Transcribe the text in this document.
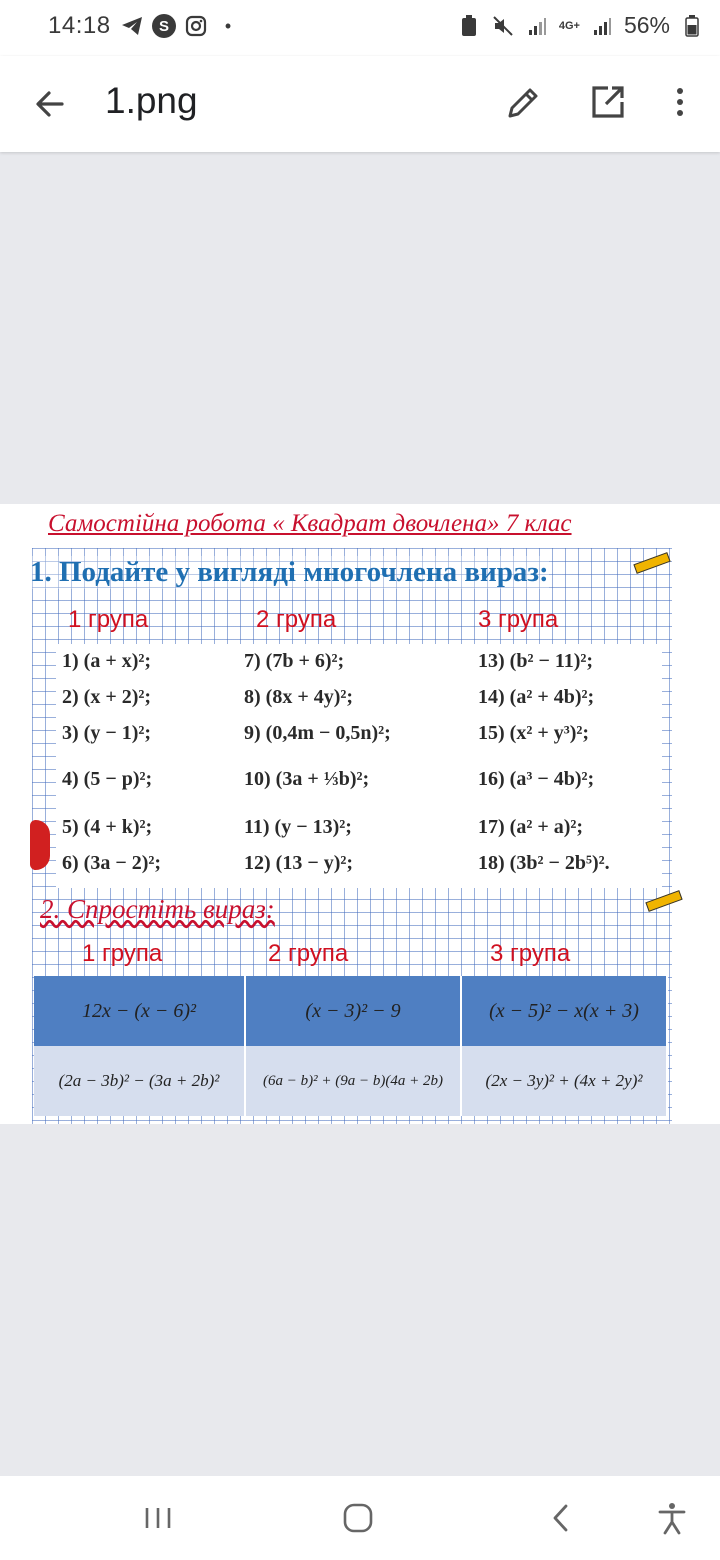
14:18	S	•	4G+ 56%
1.png
Самостійна робота « Квадрат двочлена» 7 клас
1. Подайте у вигляді многочлена вираз:
1 група	2 група	3 група
1) (a + x)²;	7) (7b + 6)²;	13) (b² − 11)²;
2) (x + 2)²;	8) (8x + 4y)²;	14) (a² + 4b)²;
3) (y − 1)²;	9) (0,4m − 0,5n)²;	15) (x² + y³)²;
4) (5 − p)²;	10) (3a + ⅓b)²;	16) (a³ − 4b)²;
5) (4 + k)²;	11) (y − 13)²;	17) (a² + a)²;
6) (3a − 2)²;	12) (13 − y)²;	18) (3b² − 2b⁵)².
2. Спростіть вираз:
1 група	2 група	3 група
12x − (x − 6)²	(x − 3)² − 9	(x − 5)² − x(x + 3)
(2a − 3b)² − (3a + 2b)²	(6a − b)² + (9a − b)(4a + 2b)	(2x − 3y)² + (4x + 2y)²
